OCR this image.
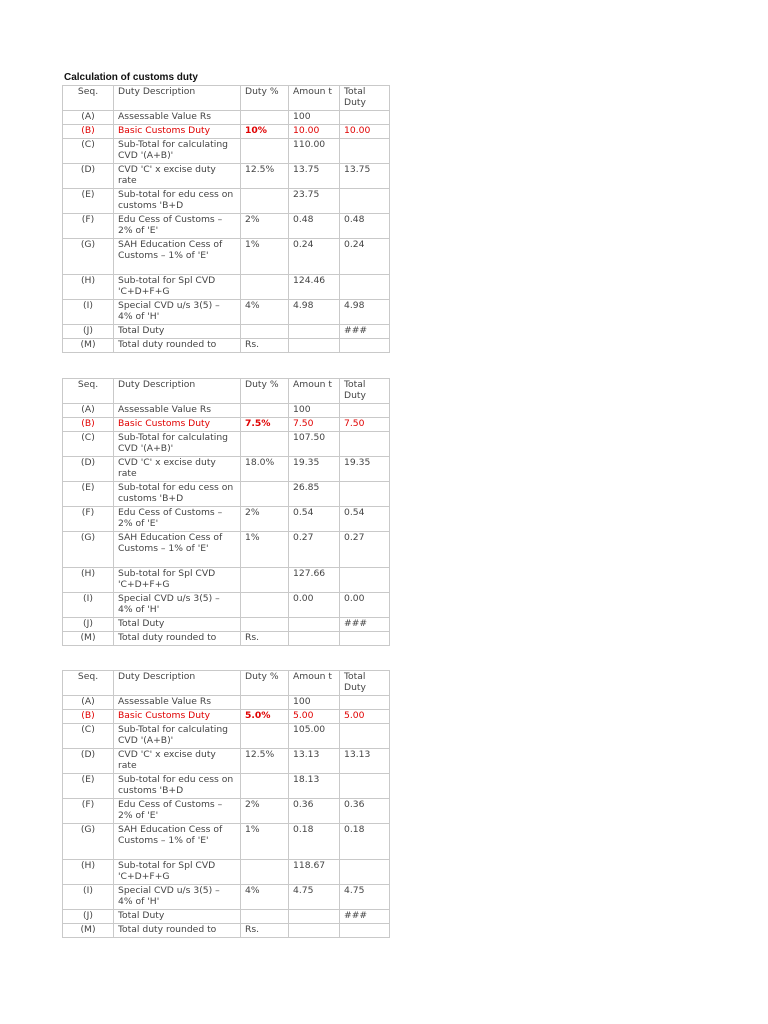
Calculation of customs duty
Seq.	Duty Description	Duty %	Amoun t	Total Duty
(A)	Assessable Value Rs		100	
(B)	Basic Customs Duty	10%	10.00	10.00
(C)	Sub-Total for calculating CVD '(A+B)'		110.00	
(D)	CVD 'C' x excise duty rate	12.5%	13.75	13.75
(E)	Sub-total for edu cess on customs 'B+D		23.75	
(F)	Edu Cess of Customs – 2% of 'E'	2%	0.48	0.48
(G)	SAH Education Cess of Customs – 1% of 'E'	1%	0.24	0.24
(H)	Sub-total for Spl CVD 'C+D+F+G		124.46	
(I)	Special CVD u/s 3(5) – 4% of 'H'	4%	4.98	4.98
(J)	Total Duty			###
(M)	Total duty rounded to	Rs.		
Seq.	Duty Description	Duty %	Amoun t	Total Duty
(A)	Assessable Value Rs		100	
(B)	Basic Customs Duty	7.5%	7.50	7.50
(C)	Sub-Total for calculating CVD '(A+B)'		107.50	
(D)	CVD 'C' x excise duty rate	18.0%	19.35	19.35
(E)	Sub-total for edu cess on customs 'B+D		26.85	
(F)	Edu Cess of Customs – 2% of 'E'	2%	0.54	0.54
(G)	SAH Education Cess of Customs – 1% of 'E'	1%	0.27	0.27
(H)	Sub-total for Spl CVD 'C+D+F+G		127.66	
(I)	Special CVD u/s 3(5) – 4% of 'H'		0.00	0.00
(J)	Total Duty			###
(M)	Total duty rounded to	Rs.		
Seq.	Duty Description	Duty %	Amoun t	Total Duty
(A)	Assessable Value Rs		100	
(B)	Basic Customs Duty	5.0%	5.00	5.00
(C)	Sub-Total for calculating CVD '(A+B)'		105.00	
(D)	CVD 'C' x excise duty rate	12.5%	13.13	13.13
(E)	Sub-total for edu cess on customs 'B+D		18.13	
(F)	Edu Cess of Customs – 2% of 'E'	2%	0.36	0.36
(G)	SAH Education Cess of Customs – 1% of 'E'	1%	0.18	0.18
(H)	Sub-total for Spl CVD 'C+D+F+G		118.67	
(I)	Special CVD u/s 3(5) – 4% of 'H'	4%	4.75	4.75
(J)	Total Duty			###
(M)	Total duty rounded to	Rs.		
